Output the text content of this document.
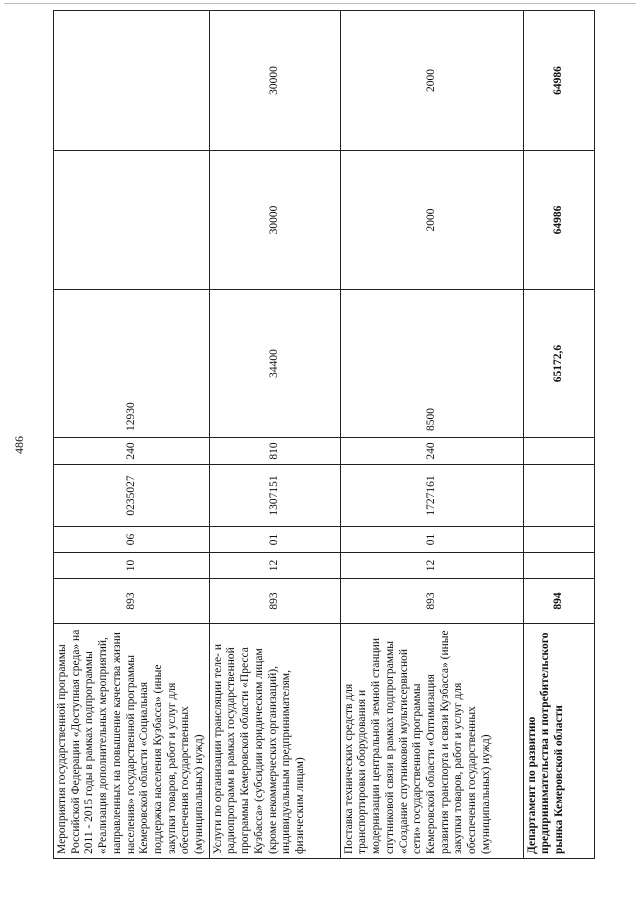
486
Мероприятия государственной программы Российской Федерации «Доступная среда» на 2011 - 2015 годы в рамках подпрограммы «Реализация дополнительных мероприятий, направленных на повышение качества жизни населения» государственной программы Кемеровской области «Социальная поддержка населения Кузбасса» (иные закупки товаров, работ и услуг для обеспечения государственных (муниципальных) нужд)	893	10	06	0235027	240	12930		
Услуги по организации трансляции теле- и радиопрограмм в рамках государственной программы Кемеровской области «Пресса Кузбасса» (субсидии юридическим лицам (кроме некоммерческих организаций), индивидуальным предпринимателям, физическим лицам)	893	12	01	1307151	810	34400	30000	30000
Поставка технических средств для транспортировки оборудования и модернизации центральной земной станции спутниковой связи в рамках подпрограммы «Создание спутниковой мультисервисной сети» государственной программы Кемеровской области «Оптимизация развития транспорта и связи Кузбасса» (иные закупки товаров, работ и услуг для обеспечения государственных (муниципальных) нужд)	893	12	01	1727161	240	8500	2000	2000
Департамент по развитию предпринимательства и потребительского рынка Кемеровской области	894					65172,6	64986	64986
